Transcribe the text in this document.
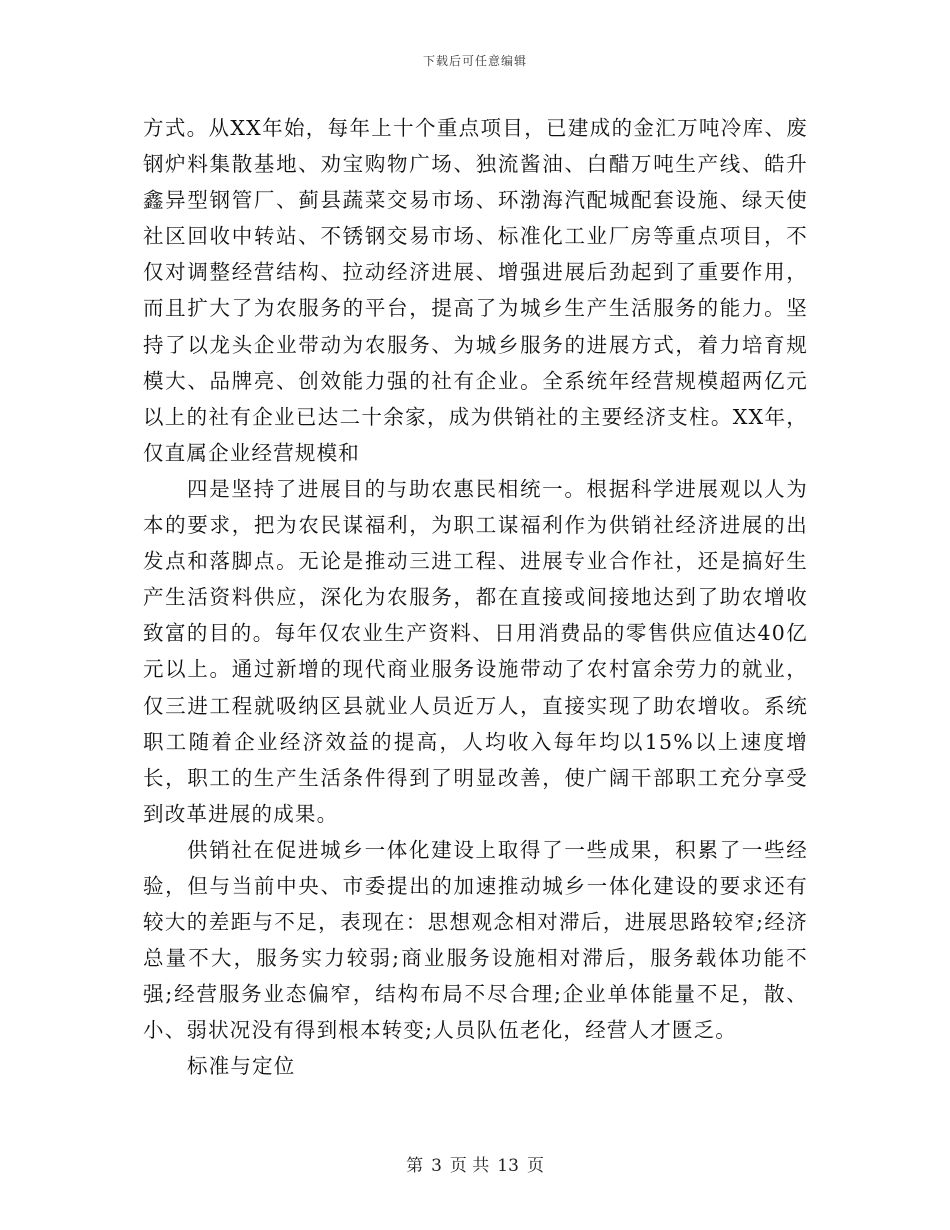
下载后可任意编辑

方式。从XX年始，每年上十个重点项目，已建成的金汇万吨冷库、废钢炉料集散基地、劝宝购物广场、独流酱油、白醋万吨生产线、皓升鑫异型钢管厂、蓟县蔬菜交易市场、环渤海汽配城配套设施、绿天使社区回收中转站、不锈钢交易市场、标准化工业厂房等重点项目，不仅对调整经营结构、拉动经济进展、增强进展后劲起到了重要作用，而且扩大了为农服务的平台，提高了为城乡生产生活服务的能力。坚持了以龙头企业带动为农服务、为城乡服务的进展方式，着力培育规模大、品牌亮、创效能力强的社有企业。全系统年经营规模超两亿元以上的社有企业已达二十余家，成为供销社的主要经济支柱。XX年，仅直属企业经营规模和

四是坚持了进展目的与助农惠民相统一。根据科学进展观以人为本的要求，把为农民谋福利，为职工谋福利作为供销社经济进展的出发点和落脚点。无论是推动三进工程、进展专业合作社，还是搞好生产生活资料供应，深化为农服务，都在直接或间接地达到了助农增收致富的目的。每年仅农业生产资料、日用消费品的零售供应值达40亿元以上。通过新增的现代商业服务设施带动了农村富余劳力的就业，仅三进工程就吸纳区县就业人员近万人，直接实现了助农增收。系统职工随着企业经济效益的提高，人均收入每年均以15%以上速度增长，职工的生产生活条件得到了明显改善，使广阔干部职工充分享受到改革进展的成果。

供销社在促进城乡一体化建设上取得了一些成果，积累了一些经验，但与当前中央、市委提出的加速推动城乡一体化建设的要求还有较大的差距与不足，表现在：思想观念相对滞后，进展思路较窄;经济总量不大，服务实力较弱;商业服务设施相对滞后，服务载体功能不强;经营服务业态偏窄，结构布局不尽合理;企业单体能量不足，散、小、弱状况没有得到根本转变;人员队伍老化，经营人才匮乏。

标准与定位

第 3 页 共 13 页
